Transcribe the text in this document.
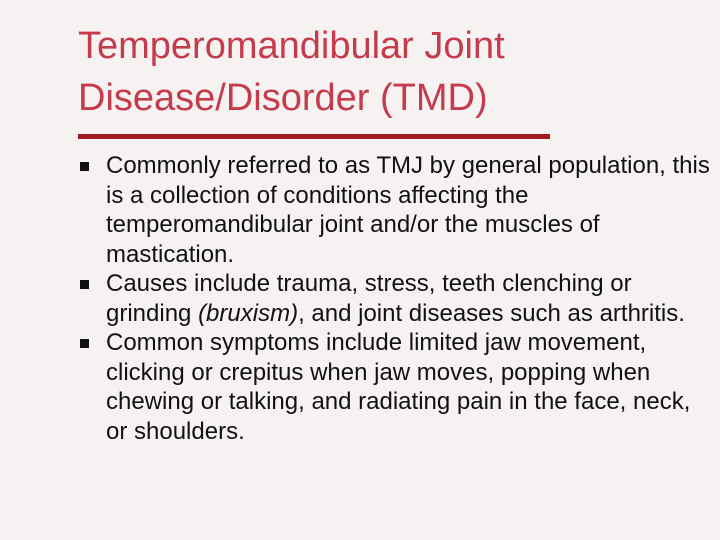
Temperomandibular Joint
Disease/Disorder (TMD)
Commonly referred to as TMJ by general population, this is a collection of conditions affecting the temperomandibular joint and/or the muscles of mastication.
Causes include trauma, stress, teeth clenching or grinding (bruxism), and joint diseases such as arthritis.
Common symptoms include limited jaw movement, clicking or crepitus when jaw moves, popping when chewing or talking, and radiating pain in the face, neck, or shoulders.
